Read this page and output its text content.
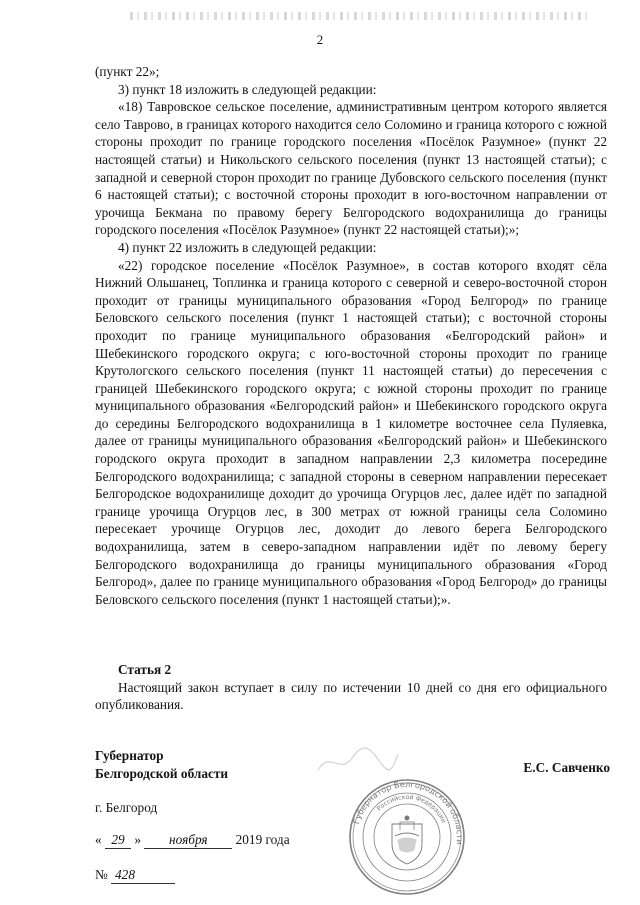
2

(пункт 22»;

3) пункт 18 изложить в следующей редакции:

«18) Тавровское сельское поселение, административным центром которого является село Таврово, в границах которого находится село Соломино и граница которого с южной стороны проходит по границе городского поселения «Посёлок Разумное» (пункт 22 настоящей статьи) и Никольского сельского поселения (пункт 13 настоящей статьи); с западной и северной сторон проходит по границе Дубовского сельского поселения (пункт 6 настоящей статьи); с восточной стороны проходит в юго-восточном направлении от урочища Бекмана по правому берегу Белгородского водохранилища до границы городского поселения «Посёлок Разумное» (пункт 22 настоящей статьи);»;

4) пункт 22 изложить в следующей редакции:

«22) городское поселение «Посёлок Разумное», в состав которого входят сёла Нижний Ольшанец, Топлинка и граница которого с северной и северо-восточной сторон проходит от границы муниципального образования «Город Белгород» по границе Беловского сельского поселения (пункт 1 настоящей статьи); с восточной стороны проходит по границе муниципального образования «Белгородский район» и Шебекинского городского округа; с юго-восточной стороны проходит по границе Крутологского сельского поселения (пункт 11 настоящей статьи) до пересечения с границей Шебекинского городского округа; с южной стороны проходит по границе муниципального образования «Белгородский район» и Шебекинского городского округа до середины Белгородского водохранилища в 1 километре восточнее села Пуляевка, далее от границы муниципального образования «Белгородский район» и Шебекинского городского округа проходит в западном направлении 2,3 километра посередине Белгородского водохранилища; с западной стороны в северном направлении пересекает Белгородское водохранилище доходит до урочища Огурцов лес, далее идёт по западной границе урочища Огурцов лес, в 300 метрах от южной границы села Соломино пересекает урочище Огурцов лес, доходит до левого берега Белгородского водохранилища, затем в северо-западном направлении идёт по левому берегу Белгородского водохранилища до границы муниципального образования «Город Белгород», далее по границе муниципального образования «Город Белгород» до границы Беловского сельского поселения (пункт 1 настоящей статьи);».

Статья 2

Настоящий закон вступает в силу по истечении 10 дней со дня его официального опубликования.

Губернатор
Белгородской области	Е.С. Савченко
г. Белгород
« 29 » ноября 2019 года
№ 428
Губернатор Белгородской области
Российской Федерации
